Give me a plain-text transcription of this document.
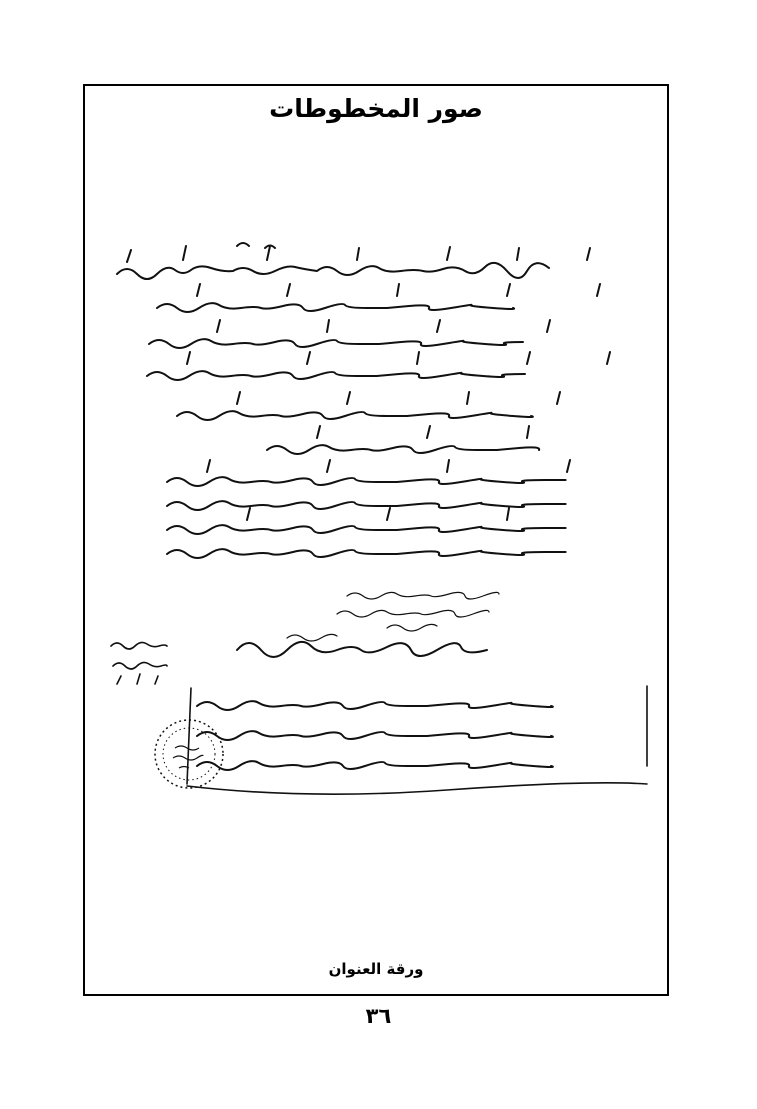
صور المخطوطات
ورقة العنوان
٣٦
